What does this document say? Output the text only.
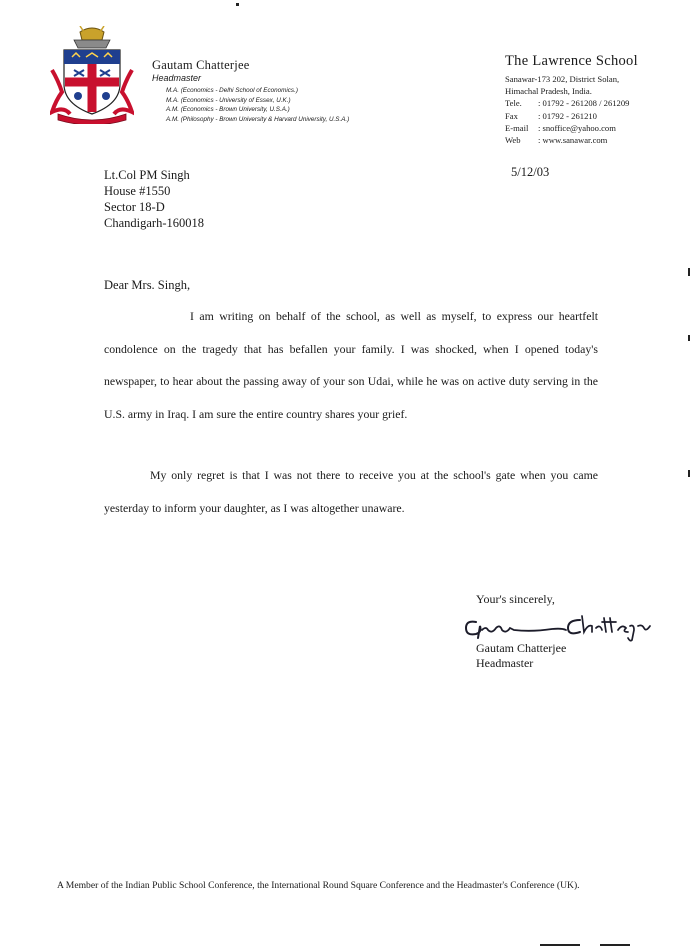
Gautam Chatterjee
Headmaster
M.A. (Economics - Delhi School of Economics.)
M.A. (Economics - University of Essex, U.K.)
A.M. (Economics - Brown University, U.S.A.)
A.M. (Philosophy - Brown University & Harvard University, U.S.A.)
The Lawrence School
Sanawar-173 202, District Solan,
Himachal Pradesh, India.
Tele. : 01792 - 261208 / 261209
Fax : 01792 - 261210
E-mail : snoffice@yahoo.com
Web : www.sanawar.com
5/12/03
Lt.Col PM Singh
House #1550
Sector 18-D
Chandigarh-160018
Dear Mrs. Singh,
I am writing on behalf of the school, as well as myself, to express our heartfelt condolence on the tragedy that has befallen your family. I was shocked, when I opened today's newspaper, to hear about the passing away of your son Udai, while he was on active duty serving in the U.S. army in Iraq. I am sure the entire country shares your grief.
My only regret is that I was not there to receive you at the school's gate when you came yesterday to inform your daughter, as I was altogether unaware.
Your's sincerely,
Gautam Chatterjee
Headmaster
A Member of the Indian Public School Conference, the International Round Square Conference and the Headmaster's Conference (UK).
